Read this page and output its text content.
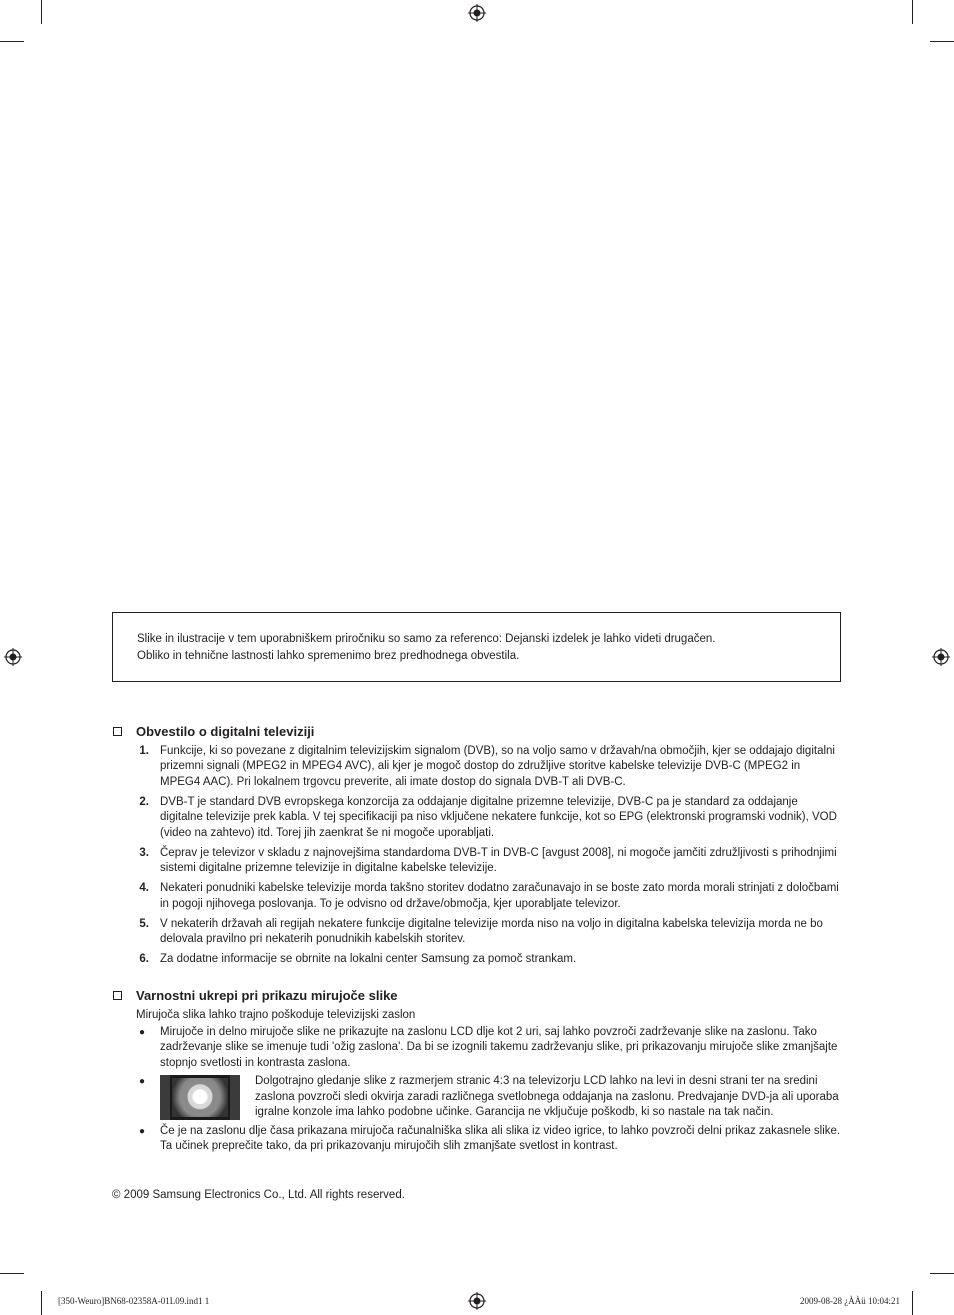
Slike in ilustracije v tem uporabniškem priročniku so samo za referenco: Dejanski izdelek je lahko videti drugačen.

Obliko in tehnične lastnosti lahko spremenimo brez predhodnega obvestila.

Obvestilo o digitalni televiziji
1. Funkcije, ki so povezane z digitalnim televizijskim signalom (DVB), so na voljo samo v državah/na območjih, kjer se oddajajo digitalni prizemni signali (MPEG2 in MPEG4 AVC), ali kjer je mogoč dostop do združljive storitve kabelske televizije DVB-C (MPEG2 in MPEG4 AAC). Pri lokalnem trgovcu preverite, ali imate dostop do signala DVB-T ali DVB-C.
2. DVB-T je standard DVB evropskega konzorcija za oddajanje digitalne prizemne televizije, DVB-C pa je standard za oddajanje digitalne televizije prek kabla. V tej specifikaciji pa niso vključene nekatere funkcije, kot so EPG (elektronski programski vodnik), VOD (video na zahtevo) itd. Torej jih zaenkrat še ni mogoče uporabljati.
3. Čeprav je televizor v skladu z najnovejšima standardoma DVB-T in DVB-C [avgust 2008], ni mogoče jamčiti združljivosti s prihodnjimi sistemi digitalne prizemne televizije in digitalne kabelske televizije.
4. Nekateri ponudniki kabelske televizije morda takšno storitev dodatno zaračunavajo in se boste zato morda morali strinjati z določbami in pogoji njihovega poslovanja. To je odvisno od države/območja, kjer uporabljate televizor.
5. V nekaterih državah ali regijah nekatere funkcije digitalne televizije morda niso na voljo in digitalna kabelska televizija morda ne bo delovala pravilno pri nekaterih ponudnikih kabelskih storitev.
6. Za dodatne informacije se obrnite na lokalni center Samsung za pomoč strankam.
Varnostni ukrepi pri prikazu mirujoče slike
Mirujoča slika lahko trajno poškoduje televizijski zaslon
●	Mirujoče in delno mirujoče slike ne prikazujte na zaslonu LCD dlje kot 2 uri, saj lahko povzroči zadrževanje slike na zaslonu. Tako zadrževanje slike se imenuje tudi 'ožig zaslona'. Da bi se izognili takemu zadrževanju slike, pri prikazovanju mirujoče slike zmanjšajte stopnjo svetlosti in kontrasta zaslona.
●	Dolgotrajno gledanje slike z razmerjem stranic 4:3 na televizorju LCD lahko na levi in desni strani ter na sredini zaslona povzroči sledi okvirja zaradi različnega svetlobnega oddajanja na zaslonu. Predvajanje DVD-ja ali uporaba igralne konzole ima lahko podobne učinke. Garancija ne vključuje poškodb, ki so nastale na tak način.
●	Če je na zaslonu dlje časa prikazana mirujoča računalniška slika ali slika iz video igrice, to lahko povzroči delni prikaz zakasnele slike. Ta učinek preprečite tako, da pri prikazovanju mirujočih slih zmanjšate svetlost in kontrast.
© 2009 Samsung Electronics Co., Ltd. All rights reserved.
[350-Weuro]BN68-02358A-01L09.ind1 1	2009-08-28 ¿ÀÀü 10:04:21
